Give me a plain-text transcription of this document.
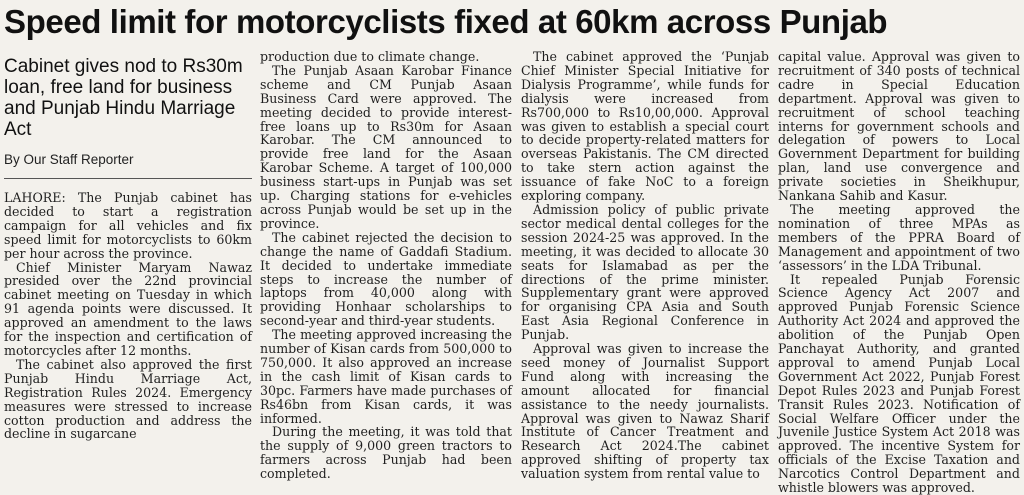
Speed limit for motorcyclists fixed at 60km across Punjab
Cabinet gives nod to Rs30m loan, free land for business and Punjab Hindu Marriage Act
By Our Staff Reporter

LAHORE: The Punjab cabinet has decided to start a registration campaign for all vehicles and fix speed limit for motorcyclists to 60km per hour across the province.

Chief Minister Maryam Nawaz presided over the 22nd provincial cabinet meeting on Tuesday in which 91 agenda points were discussed. It approved an amendment to the laws for the inspection and certification of motorcycles after 12 months.

The cabinet also approved the first Punjab Hindu Marriage Act, Registration Rules 2024. Emergency measures were stressed to increase cotton production and address the decline in sugarcane

production due to climate change.

The Punjab Asaan Karobar Finance scheme and CM Punjab Asaan Business Card were approved. The meeting decided to provide interest-free loans up to Rs30m for Asaan Karobar. The CM announced to provide free land for the Asaan Karobar Scheme. A target of 100,000 business start-ups in Punjab was set up. Charging stations for e-vehicles across Punjab would be set up in the province.

The cabinet rejected the decision to change the name of Gaddafi Stadium. It decided to undertake immediate steps to increase the number of laptops from 40,000 along with providing Honhaar scholarships to second-year and third-year students.

The meeting approved increasing the number of Kisan cards from 500,000 to 750,000. It also approved an increase in the cash limit of Kisan cards to 30pc. Farmers have made purchases of Rs46bn from Kisan cards, it was informed.

During the meeting, it was told that the supply of 9,000 green tractors to farmers across Punjab had been completed.

The cabinet approved the ‘Punjab Chief Minister Special Initiative for Dialysis Programme’, while funds for dialysis were increased from Rs700,000 to Rs10,00,000. Approval was given to establish a special court to decide property-related matters for overseas Pakistanis. The CM directed to take stern action against the issuance of fake NoC to a foreign exploring company.

Admission policy of public private sector medical dental colleges for the session 2024-25 was approved. In the meeting, it was decided to allocate 30 seats for Islamabad as per the directions of the prime minister. Supplementary grant were approved for organising CPA Asia and South East Asia Regional Conference in Punjab.

Approval was given to increase the seed money of Journalist Support Fund along with increasing the amount allocated for financial assistance to the needy journalists. Approval was given to Nawaz Sharif Institute of Cancer Treatment and Research Act 2024.The cabinet approved shifting of property tax valuation system from rental value to

capital value. Approval was given to recruitment of 340 posts of technical cadre in Special Education department. Approval was given to recruitment of school teaching interns for government schools and delegation of powers to Local Government Department for building plan, land use convergence and private societies in Sheikhupur, Nankana Sahib and Kasur.

The meeting approved the nomination of three MPAs as members of the PPRA Board of Management and appointment of two ‘assessors’ in the LDA Tribunal.

It repealed Punjab Forensic Science Agency Act 2007 and approved Punjab Forensic Science Authority Act 2024 and approved the abolition of the Punjab Open Panchayat Authority, and granted approval to amend Punjab Local Government Act 2022, Punjab Forest Depot Rules 2023 and Punjab Forest Transit Rules 2023. Notification of Social Welfare Officer under the Juvenile Justice System Act 2018 was approved. The incentive System for officials of the Excise Taxation and Narcotics Control Department and whistle blowers was approved.
